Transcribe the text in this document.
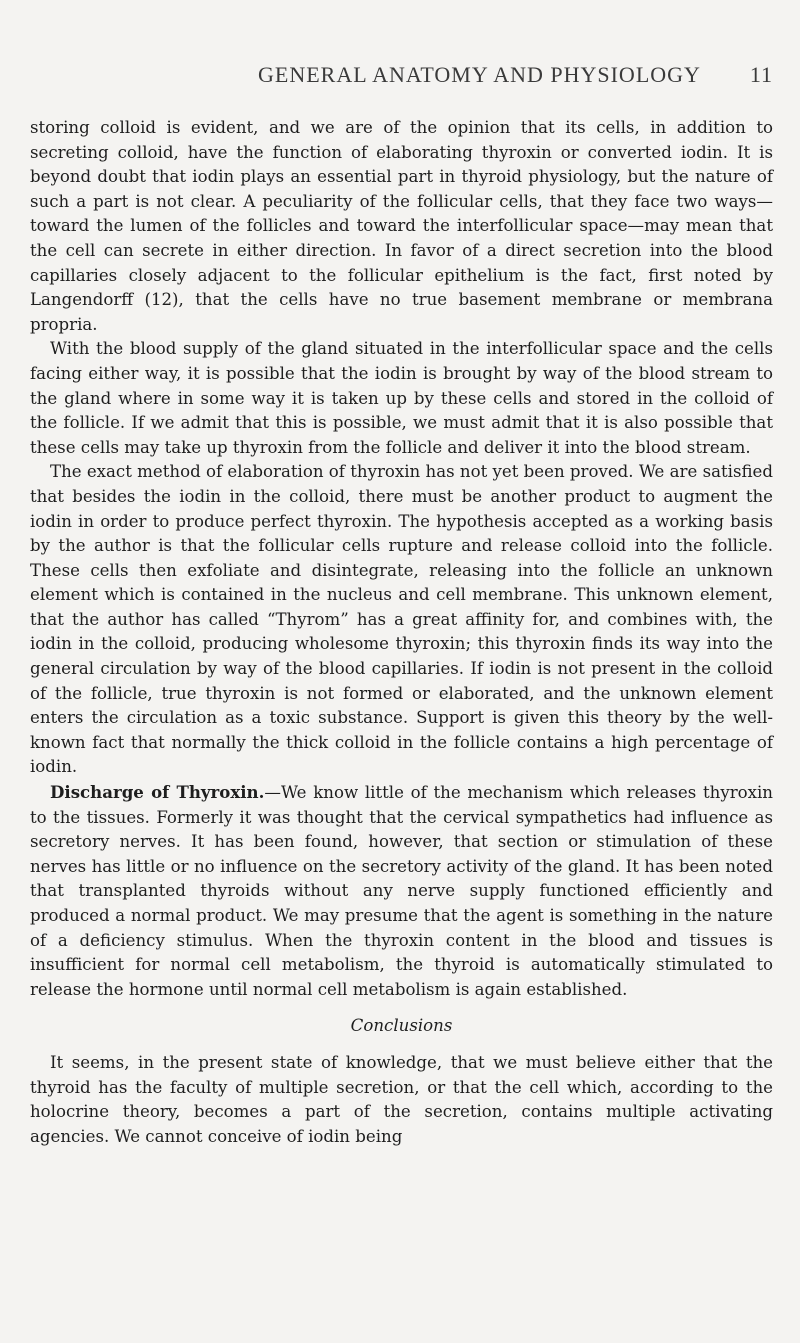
GENERAL ANATOMY AND PHYSIOLOGY 11

storing colloid is evident, and we are of the opinion that its cells, in addition to secreting colloid, have the function of elaborating thyroxin or converted iodin. It is beyond doubt that iodin plays an essential part in thyroid physiology, but the nature of such a part is not clear. A peculiarity of the follicular cells, that they face two ways—toward the lumen of the follicles and toward the interfollicular space—may mean that the cell can secrete in either direction. In favor of a direct secretion into the blood capillaries closely adjacent to the follicular epithelium is the fact, first noted by Langendorff (12), that the cells have no true basement membrane or membrana propria.

With the blood supply of the gland situated in the interfollicular space and the cells facing either way, it is possible that the iodin is brought by way of the blood stream to the gland where in some way it is taken up by these cells and stored in the colloid of the follicle. If we admit that this is possible, we must admit that it is also possible that these cells may take up thyroxin from the follicle and deliver it into the blood stream.

The exact method of elaboration of thyroxin has not yet been proved. We are satisfied that besides the iodin in the colloid, there must be another product to augment the iodin in order to produce perfect thyroxin. The hypothesis accepted as a working basis by the author is that the follicular cells rupture and release colloid into the follicle. These cells then exfoliate and disintegrate, releasing into the follicle an unknown element which is contained in the nucleus and cell membrane. This unknown element, that the author has called “Thyrom” has a great affinity for, and combines with, the iodin in the colloid, producing wholesome thyroxin; this thyroxin finds its way into the general circulation by way of the blood capillaries. If iodin is not present in the colloid of the follicle, true thyroxin is not formed or elaborated, and the unknown element enters the circulation as a toxic substance. Support is given this theory by the well-known fact that normally the thick colloid in the follicle contains a high percentage of iodin.

Discharge of Thyroxin.—We know little of the mechanism which releases thyroxin to the tissues. Formerly it was thought that the cervical sympathetics had influence as secretory nerves. It has been found, however, that section or stimulation of these nerves has little or no influence on the secretory activity of the gland. It has been noted that transplanted thyroids without any nerve supply functioned efficiently and produced a normal product. We may presume that the agent is something in the nature of a deficiency stimulus. When the thyroxin content in the blood and tissues is insufficient for normal cell metabolism, the thyroid is automatically stimulated to release the hormone until normal cell metabolism is again established.

Conclusions

It seems, in the present state of knowledge, that we must believe either that the thyroid has the faculty of multiple secretion, or that the cell which, according to the holocrine theory, becomes a part of the secretion, contains multiple activating agencies. We cannot conceive of iodin being
